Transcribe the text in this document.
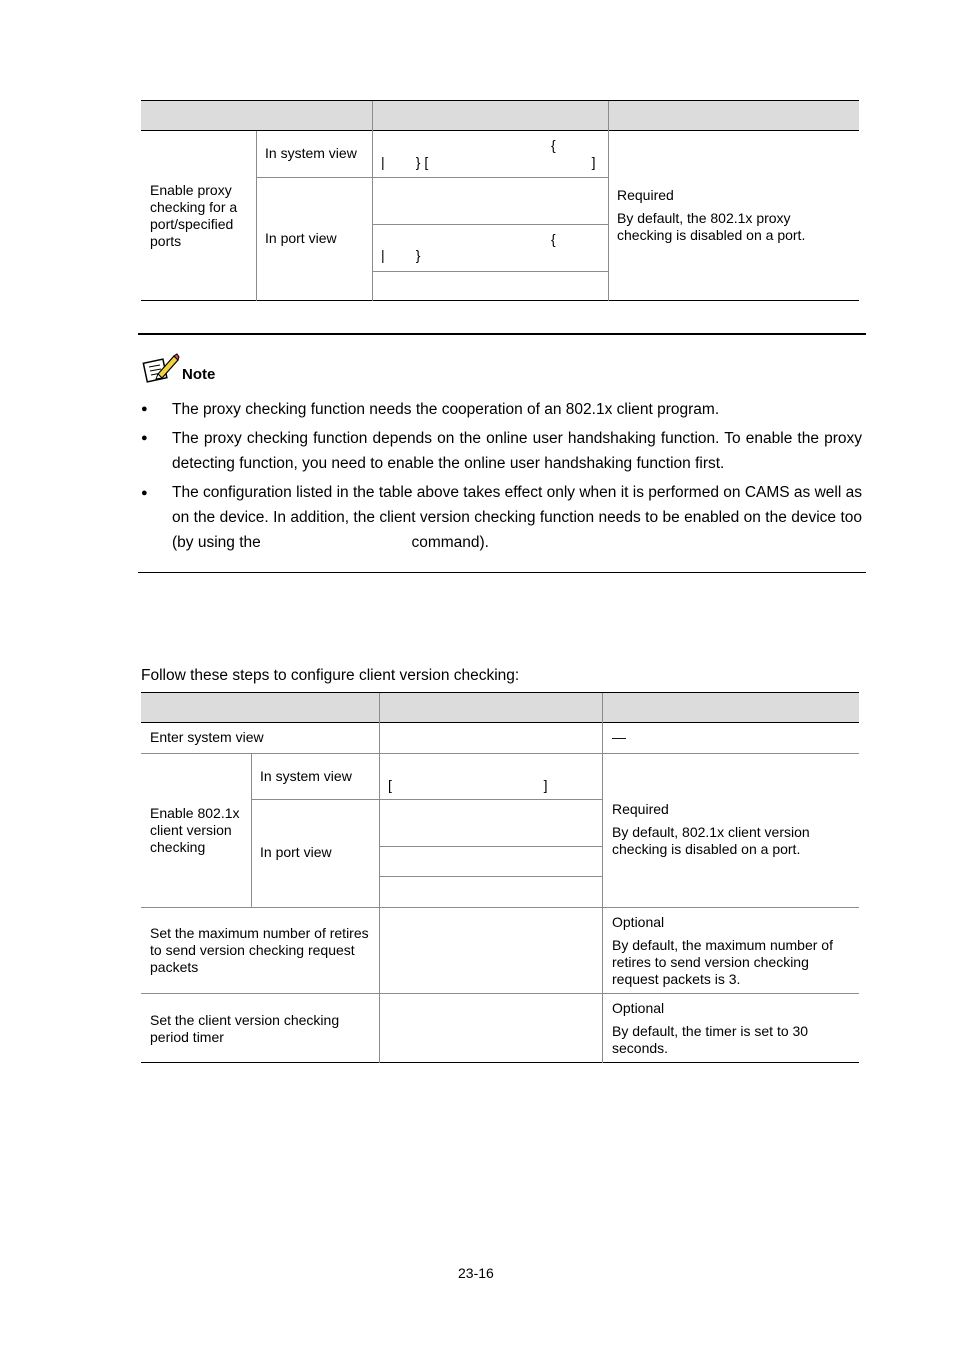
Enable proxy checking for a port/specified ports
In system view
In port view
{
|        } [                                          ]
{
|        }
Required
By default, the 802.1x proxy checking is disabled on a port.
Note
● The proxy checking function needs the cooperation of an 802.1x client program.
● The proxy checking function depends on the online user handshaking function. To enable the proxy detecting function, you need to enable the online user handshaking function first.
● The configuration listed in the table above takes effect only when it is performed on CAMS as well as on the device. In addition, the client version checking function needs to be enabled on the device too (by using the                                   command).
Follow these steps to configure client version checking:
Enter system view	—
Enable 802.1x client version checking
In system view
In port view
[                                       ]
Required
By default, 802.1x client version checking is disabled on a port.
Set the maximum number of retires to send version checking request packets
Optional
By default, the maximum number of retires to send version checking request packets is 3.
Set the client version checking period timer
Optional
By default, the timer is set to 30 seconds.
23-16
